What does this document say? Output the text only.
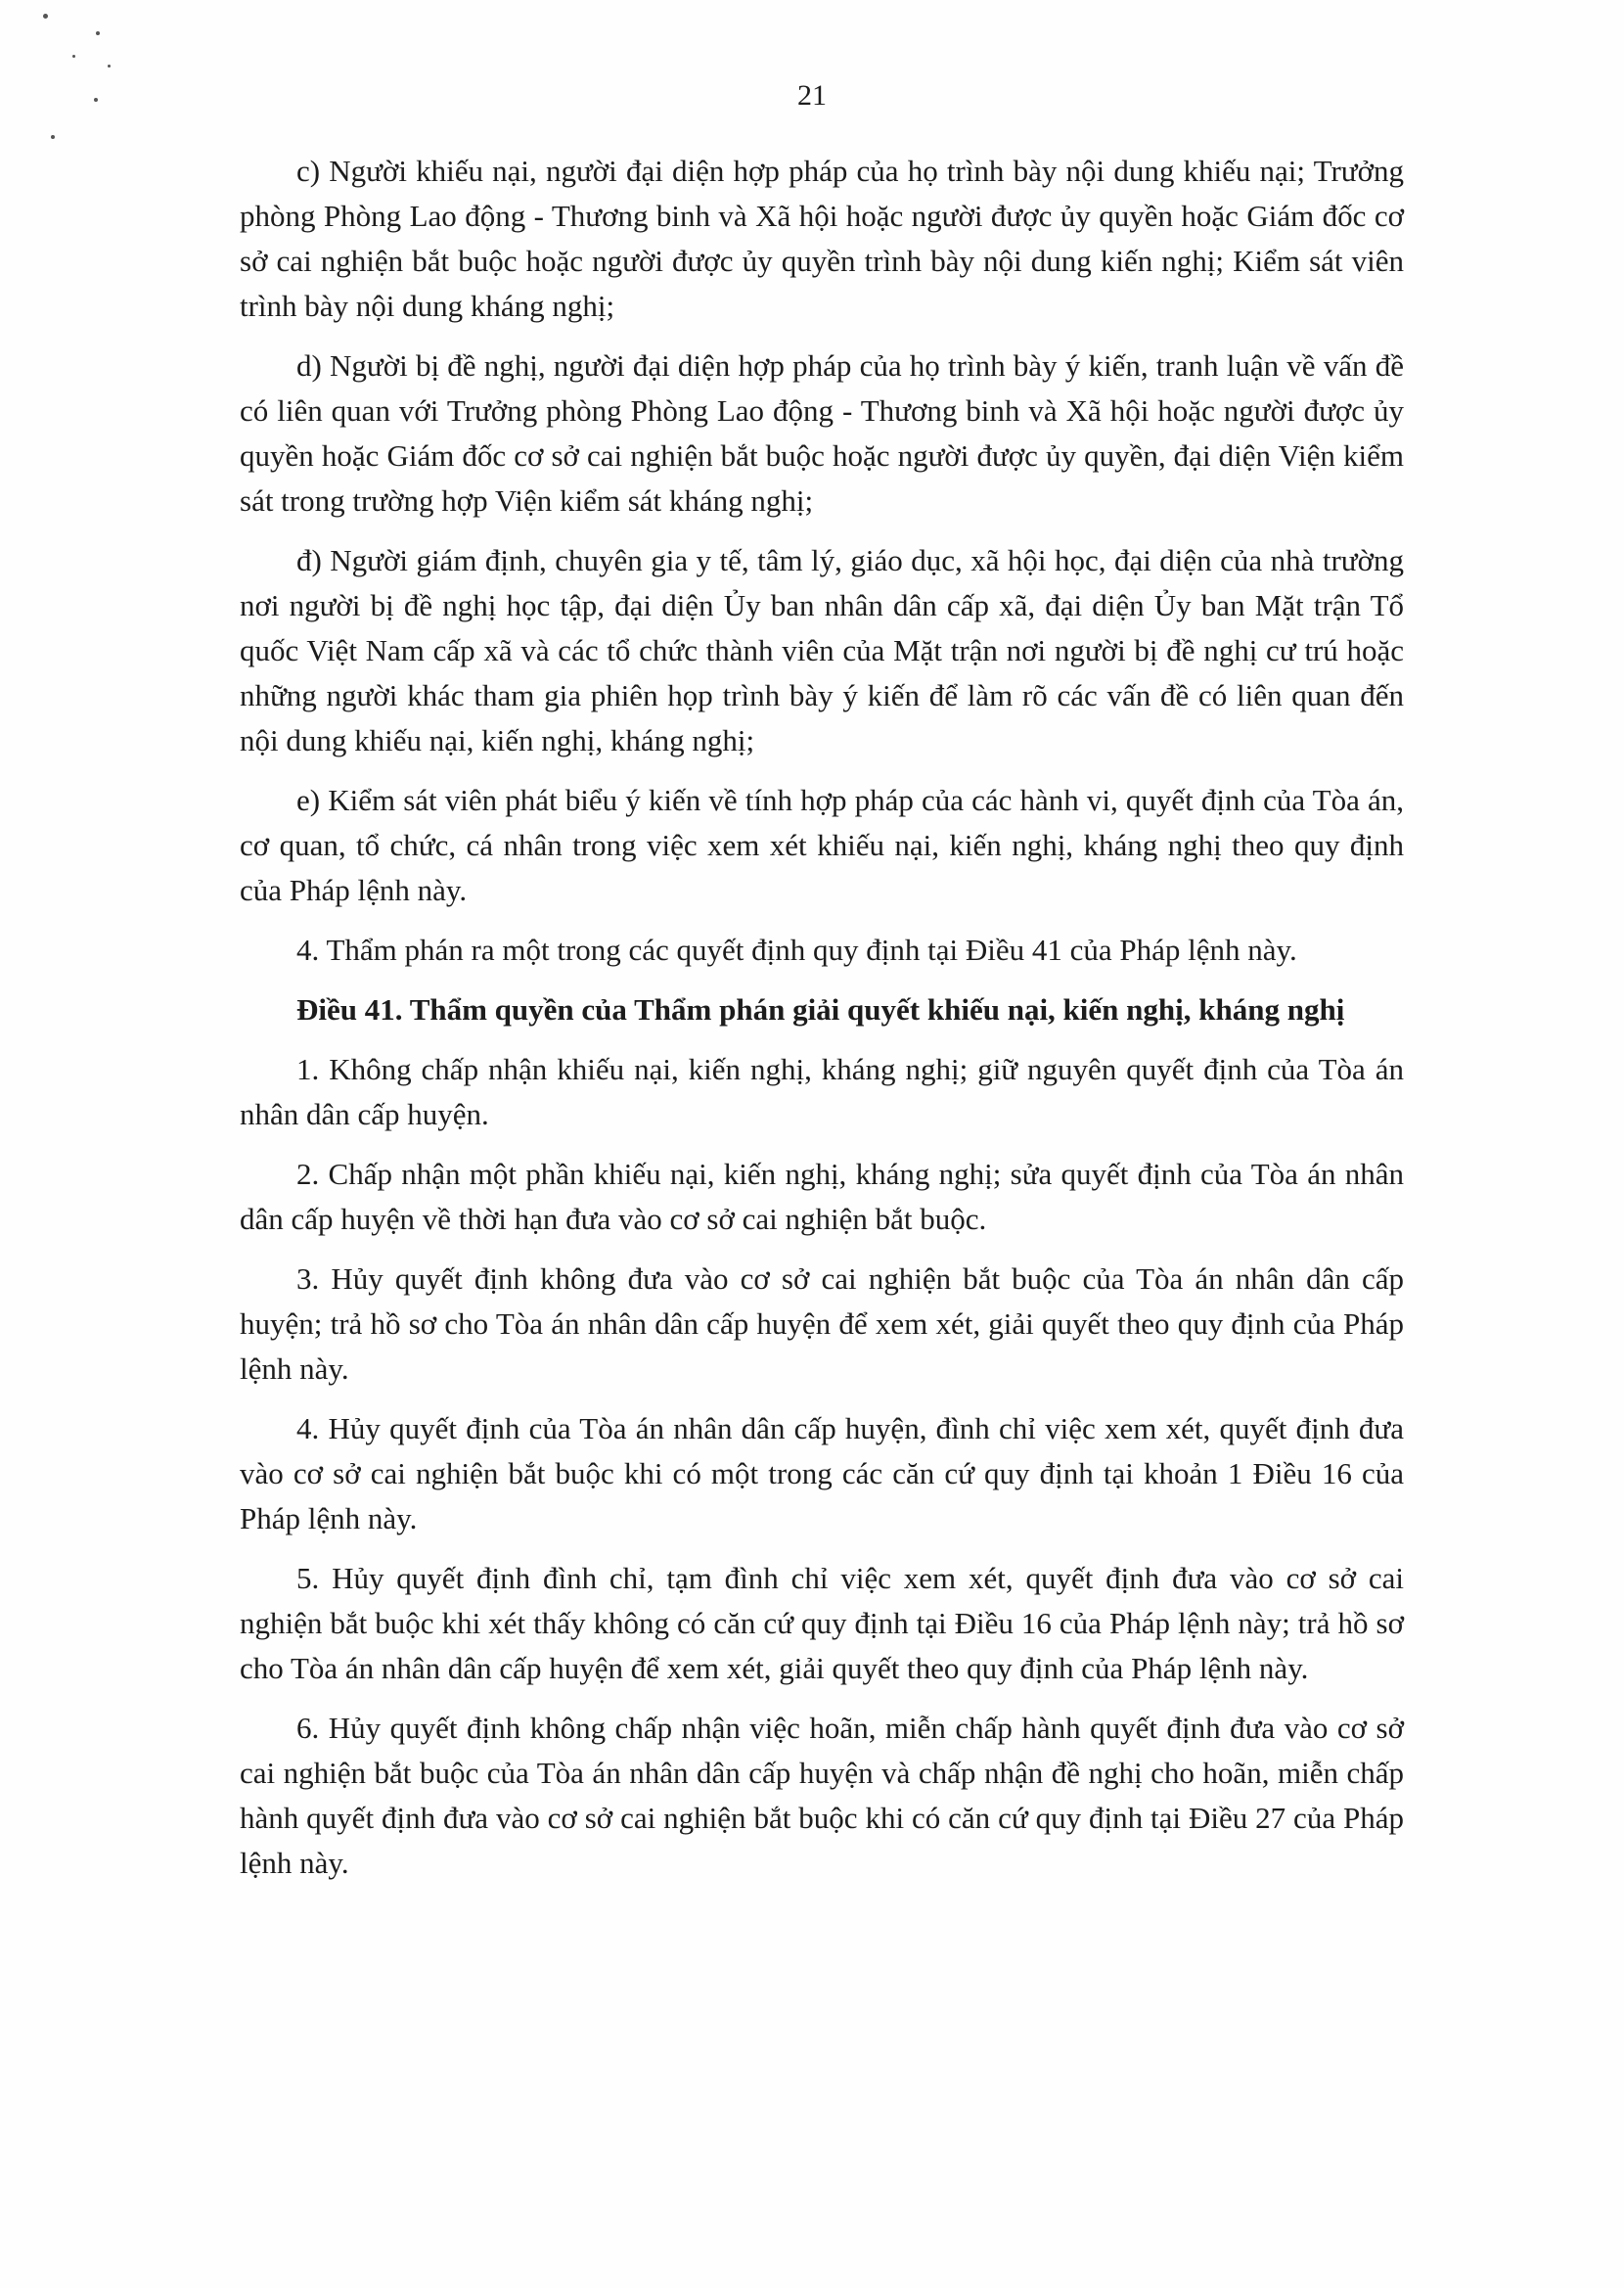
21

c) Người khiếu nại, người đại diện hợp pháp của họ trình bày nội dung khiếu nại; Trưởng phòng Phòng Lao động - Thương binh và Xã hội hoặc người được ủy quyền hoặc Giám đốc cơ sở cai nghiện bắt buộc hoặc người được ủy quyền trình bày nội dung kiến nghị; Kiểm sát viên trình bày nội dung kháng nghị;

d) Người bị đề nghị, người đại diện hợp pháp của họ trình bày ý kiến, tranh luận về vấn đề có liên quan với Trưởng phòng Phòng Lao động - Thương binh và Xã hội hoặc người được ủy quyền hoặc Giám đốc cơ sở cai nghiện bắt buộc hoặc người được ủy quyền, đại diện Viện kiểm sát trong trường hợp Viện kiểm sát kháng nghị;

đ) Người giám định, chuyên gia y tế, tâm lý, giáo dục, xã hội học, đại diện của nhà trường nơi người bị đề nghị học tập, đại diện Ủy ban nhân dân cấp xã, đại diện Ủy ban Mặt trận Tổ quốc Việt Nam cấp xã và các tổ chức thành viên của Mặt trận nơi người bị đề nghị cư trú hoặc những người khác tham gia phiên họp trình bày ý kiến để làm rõ các vấn đề có liên quan đến nội dung khiếu nại, kiến nghị, kháng nghị;

e) Kiểm sát viên phát biểu ý kiến về tính hợp pháp của các hành vi, quyết định của Tòa án, cơ quan, tổ chức, cá nhân trong việc xem xét khiếu nại, kiến nghị, kháng nghị theo quy định của Pháp lệnh này.

4. Thẩm phán ra một trong các quyết định quy định tại Điều 41 của Pháp lệnh này.

Điều 41. Thẩm quyền của Thẩm phán giải quyết khiếu nại, kiến nghị, kháng nghị

1. Không chấp nhận khiếu nại, kiến nghị, kháng nghị; giữ nguyên quyết định của Tòa án nhân dân cấp huyện.

2. Chấp nhận một phần khiếu nại, kiến nghị, kháng nghị; sửa quyết định của Tòa án nhân dân cấp huyện về thời hạn đưa vào cơ sở cai nghiện bắt buộc.

3. Hủy quyết định không đưa vào cơ sở cai nghiện bắt buộc của Tòa án nhân dân cấp huyện; trả hồ sơ cho Tòa án nhân dân cấp huyện để xem xét, giải quyết theo quy định của Pháp lệnh này.

4. Hủy quyết định của Tòa án nhân dân cấp huyện, đình chỉ việc xem xét, quyết định đưa vào cơ sở cai nghiện bắt buộc khi có một trong các căn cứ quy định tại khoản 1 Điều 16 của Pháp lệnh này.

5. Hủy quyết định đình chỉ, tạm đình chỉ việc xem xét, quyết định đưa vào cơ sở cai nghiện bắt buộc khi xét thấy không có căn cứ quy định tại Điều 16 của Pháp lệnh này; trả hồ sơ cho Tòa án nhân dân cấp huyện để xem xét, giải quyết theo quy định của Pháp lệnh này.

6. Hủy quyết định không chấp nhận việc hoãn, miễn chấp hành quyết định đưa vào cơ sở cai nghiện bắt buộc của Tòa án nhân dân cấp huyện và chấp nhận đề nghị cho hoãn, miễn chấp hành quyết định đưa vào cơ sở cai nghiện bắt buộc khi có căn cứ quy định tại Điều 27 của Pháp lệnh này.
